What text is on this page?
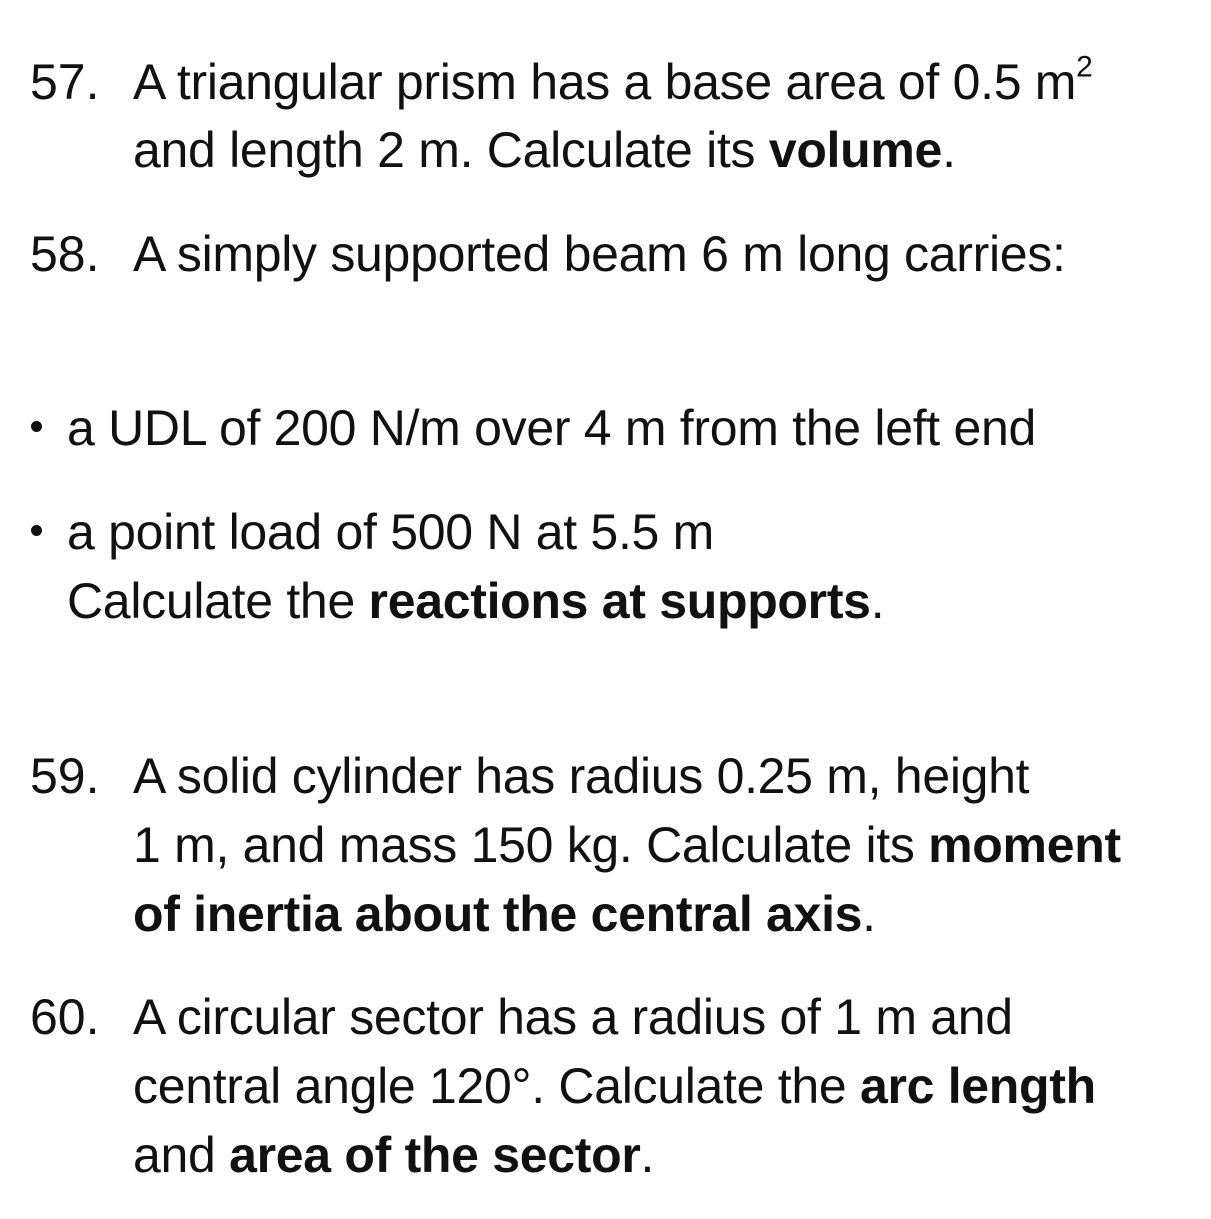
57. A triangular prism has a base area of 0.5 $m^2$
and length 2 m. Calculate its volume.
58. A simply supported beam 6 m long carries:
a UDL of 200 N/m over 4 m from the left end
a point load of 500 N at 5.5 m
Calculate the reactions at supports.
59. A solid cylinder has radius 0.25 m, height
1 m, and mass 150 kg. Calculate its moment
of inertia about the central axis.
60. A circular sector has a radius of 1 m and
central angle 120°. Calculate the arc length
and area of the sector.
